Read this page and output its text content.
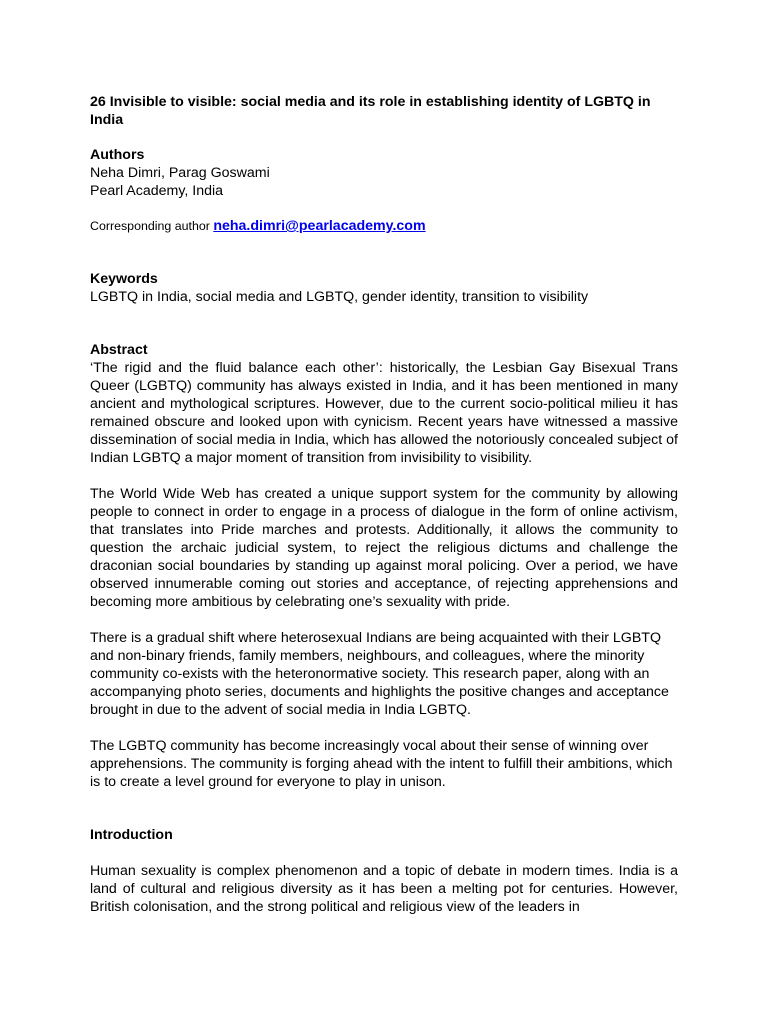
26 Invisible to visible: social media and its role in establishing identity of LGBTQ in India

Authors

Neha Dimri, Parag Goswami

Pearl Academy, India

Corresponding author neha.dimri@pearlacademy.com

Keywords

LGBTQ in India, social media and LGBTQ, gender identity, transition to visibility

Abstract

‘The rigid and the fluid balance each other’: historically, the Lesbian Gay Bisexual Trans Queer (LGBTQ) community has always existed in India, and it has been mentioned in many ancient and mythological scriptures. However, due to the current socio-political milieu it has remained obscure and looked upon with cynicism. Recent years have witnessed a massive dissemination of social media in India, which has allowed the notoriously concealed subject of Indian LGBTQ a major moment of transition from invisibility to visibility.

The World Wide Web has created a unique support system for the community by allowing people to connect in order to engage in a process of dialogue in the form of online activism, that translates into Pride marches and protests. Additionally, it allows the community to question the archaic judicial system, to reject the religious dictums and challenge the draconian social boundaries by standing up against moral policing. Over a period, we have observed innumerable coming out stories and acceptance, of rejecting apprehensions and becoming more ambitious by celebrating one’s sexuality with pride.

There is a gradual shift where heterosexual Indians are being acquainted with their LGBTQ and non-binary friends, family members, neighbours, and colleagues, where the minority community co-exists with the heteronormative society. This research paper, along with an accompanying photo series, documents and highlights the positive changes and acceptance brought in due to the advent of social media in India LGBTQ.

The LGBTQ community has become increasingly vocal about their sense of winning over apprehensions. The community is forging ahead with the intent to fulfill their ambitions, which is to create a level ground for everyone to play in unison.

Introduction

Human sexuality is complex phenomenon and a topic of debate in modern times. India is a land of cultural and religious diversity as it has been a melting pot for centuries. However, British colonisation, and the strong political and religious view of the leaders in
